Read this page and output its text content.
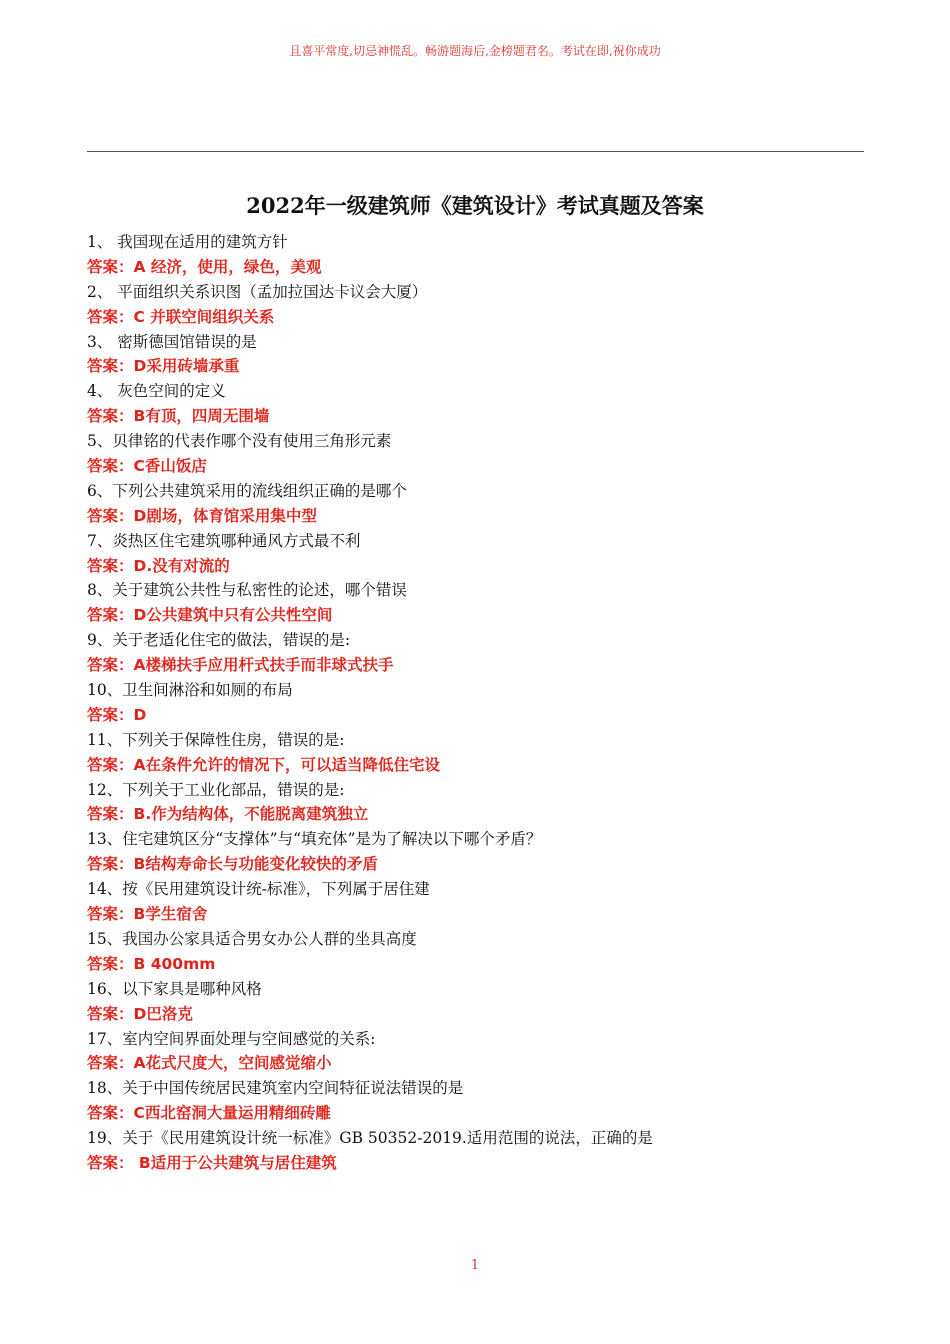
且喜平常度,切忌神慌乱。畅游题海后,金榜题君名。考试在即,祝你成功
2022年一级建筑师《建筑设计》考试真题及答案
1、 我国现在适用的建筑方针
答案：A 经济，使用，绿色，美观
2、 平面组织关系识图（孟加拉国达卡议会大厦）
答案：C 并联空间组织关系
3、 密斯德国馆错误的是
答案：D采用砖墙承重
4、 灰色空间的定义
答案：B有顶，四周无围墙
5、贝律铭的代表作哪个没有使用三角形元素
答案：C香山饭店
6、下列公共建筑采用的流线组织正确的是哪个
答案：D剧场，体育馆采用集中型
7、炎热区住宅建筑哪种通风方式最不利
答案：D.没有对流的
8、关于建筑公共性与私密性的论述，哪个错误
答案：D公共建筑中只有公共性空间
9、关于老适化住宅的做法，错误的是:
答案：A楼梯扶手应用杆式扶手而非球式扶手
10、卫生间淋浴和如厕的布局
答案：D
11、下列关于保障性住房，错误的是:
答案：A在条件允许的情况下，可以适当降低住宅设
12、下列关于工业化部品，错误的是:
答案：B.作为结构体，不能脱离建筑独立
13、住宅建筑区分“支撑体”与“填充体”是为了解决以下哪个矛盾？
答案：B结构寿命长与功能变化较快的矛盾
14、按《民用建筑设计统-标准》，下列属于居住建
答案：B学生宿舍
15、我国办公家具适合男女办公人群的坐具高度
答案：B 400mm
16、以下家具是哪种风格
答案：D巴洛克
17、室内空间界面处理与空间感觉的关系:
答案：A花式尺度大，空间感觉缩小
18、关于中国传统居民建筑室内空间特征说法错误的是
答案：C西北窑洞大量运用精细砖雕
19、关于《民用建筑设计统一标准》GB 50352-2019.适用范围的说法，正确的是
答案： B适用于公共建筑与居住建筑
1
